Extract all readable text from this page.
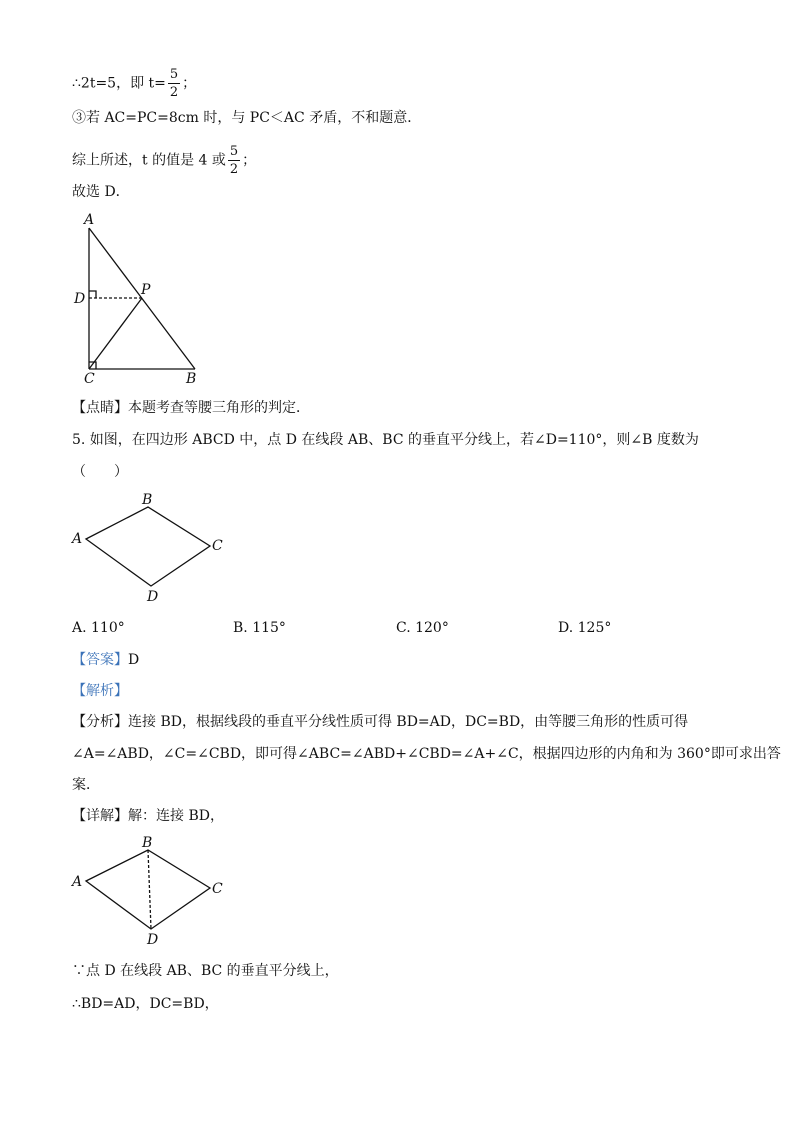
∴2t=5，即 $t= \frac{5}{2}$ ；
③若 AC=PC=8cm 时，与 PC＜AC 矛盾，不和题意．
综上所述，t 的值是 4 或 $\frac{5}{2}$ ；
故选 D．
A
D
P
C	B
A
B
C
D
A
B
C
D
【点睛】本题考查等腰三角形的判定．
5. 如图，在四边形 ABCD 中，点 D 在线段 AB、BC 的垂直平分线上，若∠D=110°，则∠B 度数为
（　　）
A. 110°	B. 115°	C. 120°	D. 125°
【答案】D
【解析】
【分析】连接 BD，根据线段的垂直平分线性质可得 BD=AD，DC=BD，由等腰三角形的性质可得
∠A=∠ABD，∠C=∠CBD，即可得∠ABC=∠ABD+∠CBD=∠A+∠C，根据四边形的内角和为 360°即可求出答
案．
【详解】解：连接 BD，
∵点 D 在线段 AB、BC 的垂直平分线上，
∴BD=AD，DC=BD，
